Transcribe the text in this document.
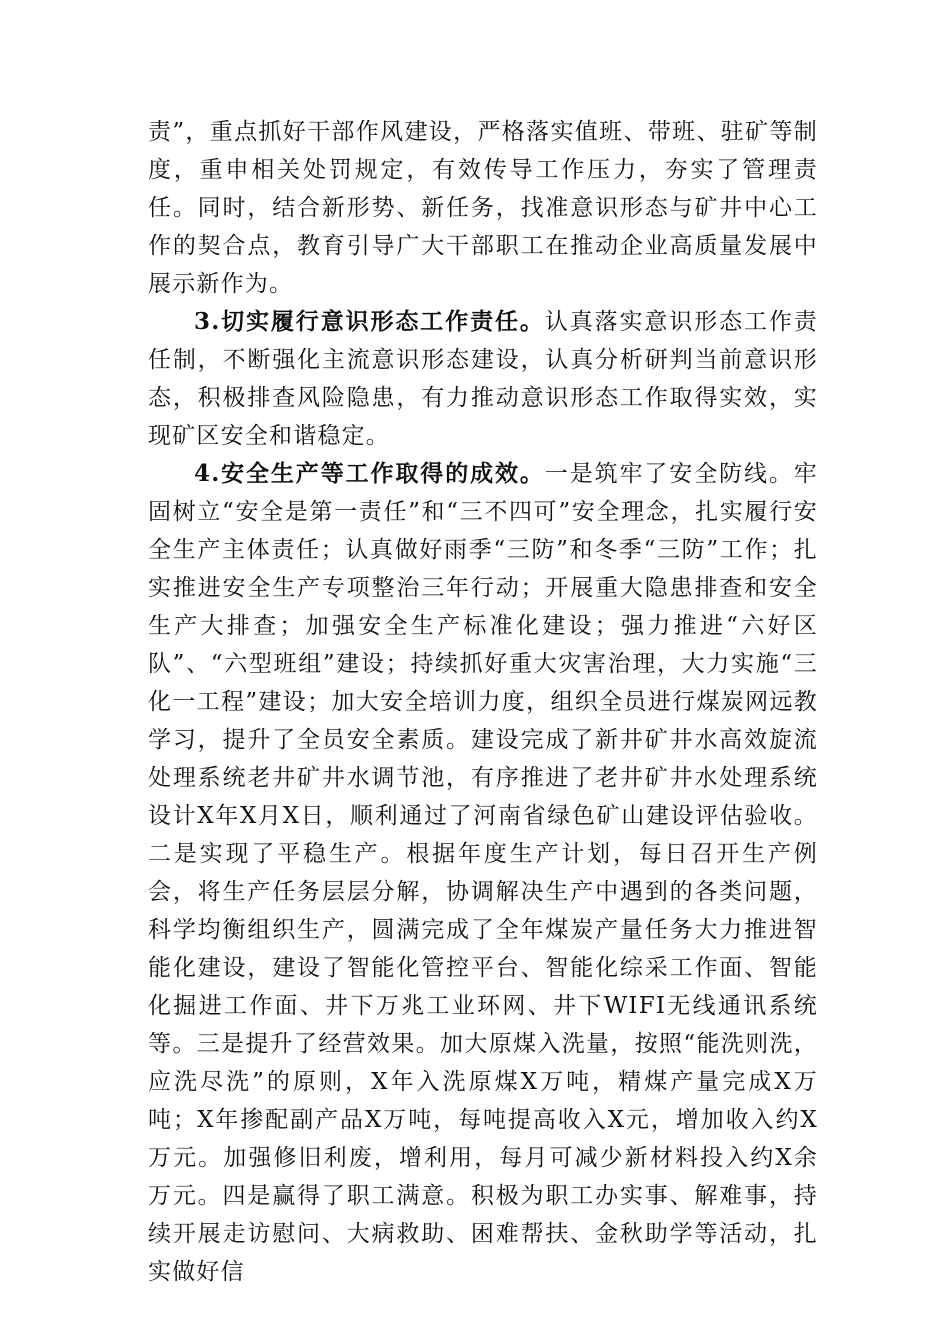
责”，重点抓好干部作风建设，严格落实值班、带班、驻矿等制度，重申相关处罚规定，有效传导工作压力，夯实了管理责任。同时，结合新形势、新任务，找准意识形态与矿井中心工作的契合点，教育引导广大干部职工在推动企业高质量发展中展示新作为。

3.切实履行意识形态工作责任。认真落实意识形态工作责任制，不断强化主流意识形态建设，认真分析研判当前意识形态，积极排查风险隐患，有力推动意识形态工作取得实效，实现矿区安全和谐稳定。

4.安全生产等工作取得的成效。一是筑牢了安全防线。牢固树立“安全是第一责任”和“三不四可”安全理念，扎实履行安全生产主体责任；认真做好雨季“三防”和冬季“三防”工作；扎实推进安全生产专项整治三年行动；开展重大隐患排查和安全生产大排查；加强安全生产标准化建设；强力推进“六好区队”、“六型班组”建设；持续抓好重大灾害治理，大力实施“三化一工程”建设；加大安全培训力度，组织全员进行煤炭网远教学习，提升了全员安全素质。建设完成了新井矿井水高效旋流处理系统老井矿井水调节池，有序推进了老井矿井水处理系统设计X年X月X日，顺利通过了河南省绿色矿山建设评估验收。二是实现了平稳生产。根据年度生产计划，每日召开生产例会，将生产任务层层分解，协调解决生产中遇到的各类问题，科学均衡组织生产，圆满完成了全年煤炭产量任务大力推进智能化建设，建设了智能化管控平台、智能化综采工作面、智能化掘进工作面、井下万兆工业环网、井下WIFI无线通讯系统等。三是提升了经营效果。加大原煤入洗量，按照“能洗则洗，应洗尽洗”的原则，X年入洗原煤X万吨，精煤产量完成X万吨；X年掺配副产品X万吨，每吨提高收入X元，增加收入约X万元。加强修旧利废，增利用，每月可减少新材料投入约X余万元。四是赢得了职工满意。积极为职工办实事、解难事，持续开展走访慰问、大病救助、困难帮扶、金秋助学等活动，扎实做好信
